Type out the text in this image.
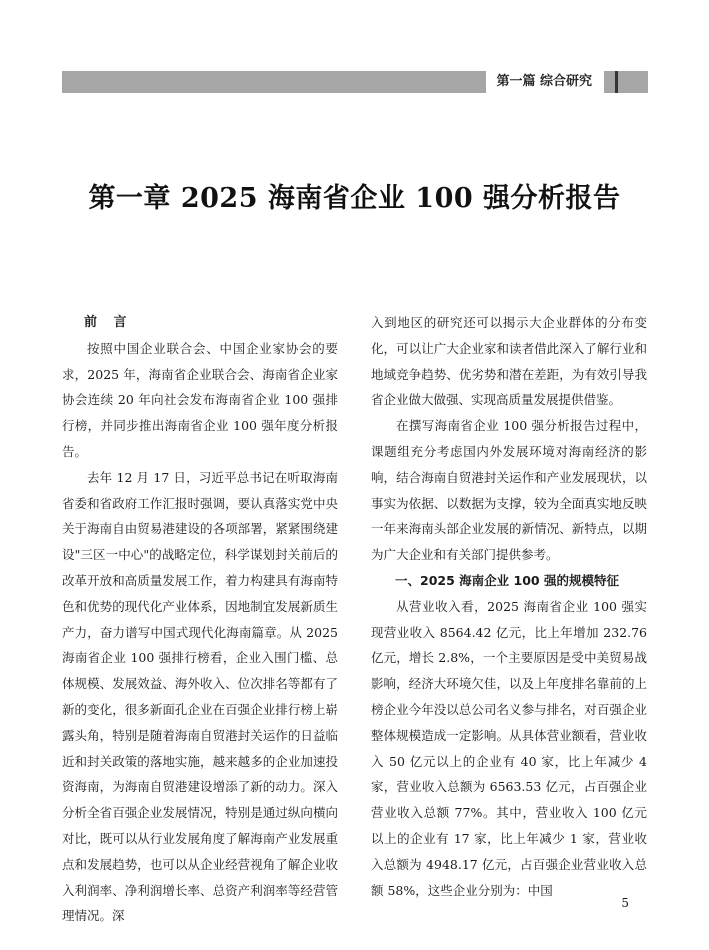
第一篇 综合研究
第一章 2025 海南省企业 100 强分析报告

前 言

按照中国企业联合会、中国企业家协会的要求，2025 年，海南省企业联合会、海南省企业家协会连续 20 年向社会发布海南省企业 100 强排行榜，并同步推出海南省企业 100 强年度分析报告。

去年 12 月 17 日，习近平总书记在听取海南省委和省政府工作汇报时强调，要认真落实党中央关于海南自由贸易港建设的各项部署，紧紧围绕建设"三区一中心"的战略定位，科学谋划封关前后的改革开放和高质量发展工作，着力构建具有海南特色和优势的现代化产业体系，因地制宜发展新质生产力，奋力谱写中国式现代化海南篇章。从 2025 海南省企业 100 强排行榜看，企业入围门槛、总体规模、发展效益、海外收入、位次排名等都有了新的变化，很多新面孔企业在百强企业排行榜上崭露头角，特别是随着海南自贸港封关运作的日益临近和封关政策的落地实施，越来越多的企业加速投资海南，为海南自贸港建设增添了新的动力。深入分析全省百强企业发展情况，特别是通过纵向横向对比，既可以从行业发展角度了解海南产业发展重点和发展趋势，也可以从企业经营视角了解企业收入利润率、净利润增长率、总资产利润率等经营管理情况。深

入到地区的研究还可以揭示大企业群体的分布变化，可以让广大企业家和读者借此深入了解行业和地域竞争趋势、优劣势和潜在差距，为有效引导我省企业做大做强、实现高质量发展提供借鉴。

在撰写海南省企业 100 强分析报告过程中，课题组充分考虑国内外发展环境对海南经济的影响，结合海南自贸港封关运作和产业发展现状，以事实为依据、以数据为支撑，较为全面真实地反映一年来海南头部企业发展的新情况、新特点，以期为广大企业和有关部门提供参考。

一、2025 海南企业 100 强的规模特征

从营业收入看，2025 海南省企业 100 强实现营业收入 8564.42 亿元，比上年增加 232.76 亿元，增长 2.8%，一个主要原因是受中美贸易战影响，经济大环境欠佳，以及上年度排名靠前的上榜企业今年没以总公司名义参与排名，对百强企业整体规模造成一定影响。从具体营业额看，营业收入 50 亿元以上的企业有 40 家，比上年减少 4 家，营业收入总额为 6563.53 亿元，占百强企业营业收入总额 77%。其中，营业收入 100 亿元以上的企业有 17 家，比上年减少 1 家，营业收入总额为 4948.17 亿元，占百强企业营业收入总额 58%，这些企业分别为：中国

5
